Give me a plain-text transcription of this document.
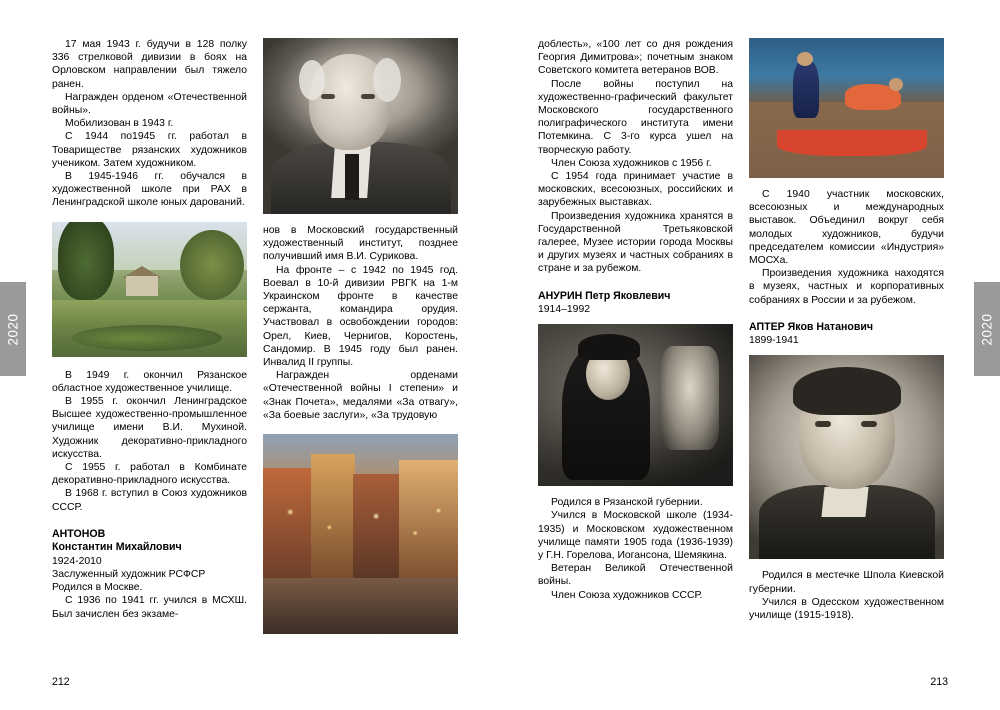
2020

17 мая 1943 г. будучи в 128 полку 336 стрелковой дивизии в боях на Орловском направлении был тяжело ранен.

Награжден орденом «Отечественной войны».

Мобилизован в 1943 г.

С 1944 по1945 гг. работал в Товариществе рязанских художников учеником. Затем художником.

В 1945-1946 гг. обучался в художественной школе при РАХ в Ленинградской школе юных дарований.

В 1949 г. окончил Рязанское областное художественное училище.

В 1955 г. окончил Ленинградское Высшее художественно-промышленное училище имени В.И. Мухиной. Художник декоративно-прикладного искусства.

С 1955 г. работал в Комбинате декоративно-прикладного искусства.

В 1968 г. вступил в Союз художников СССР.

АНТОНОВ

Константин Михайлович

1924-2010

Заслуженный художник РСФСР

Родился в Москве.

С 1936 по 1941 гг. учился в МСХШ. Был зачислен без экзаме-

нов в Московский государственный художественный институт, позднее получивший имя В.И. Сурикова.

На фронте – с 1942 по 1945 год. Воевал в 10-й дивизии РВГК на 1-м Украинском фронте в качестве сержанта, командира орудия. Участвовал в освобождении городов: Орел, Киев, Чернигов, Коростень, Сандомир. В 1945 году был ранен. Инвалид II группы.

Награжден орденами «Отечественной войны I степени» и «Знак Почета», медалями «За отвагу», «За боевые заслуги», «За трудовую

212
2020

доблесть», «100 лет со дня рождения Георгия Димитрова»; почетным знаком Советского комитета ветеранов ВОВ.

После войны поступил на художественно-графический факультет Московского государственного полиграфического института имени Потемкина. С 3-го курса ушел на творческую работу.

Член Союза художников с 1956 г.

С 1954 года принимает участие в московских, всесоюзных, российских и зарубежных выставках.

Произведения художника хранятся в Государственной Третьяковской галерее, Музее истории города Москвы и других музеях и частных собраниях в стране и за рубежом.

АНУРИН Петр Яковлевич

1914–1992

Родился в Рязанской губернии.

Учился в Московской школе (1934-1935) и Московском художественном училище памяти 1905 года (1936-1939) у Г.Н. Горелова, Иогансона, Шемякина.

Ветеран Великой Отечественной войны.

Член Союза художников СССР.

С 1940 участник московских, всесоюзных и международных выставок. Объединил вокруг себя молодых художников, будучи председателем комиссии «Индустрия» МОСХа.

Произведения художника находятся в музеях, частных и корпоративных собраниях в России и за рубежом.

АПТЕР Яков Натанович

1899-1941

Родился в местечке Шпола Киевской губернии.

Учился в Одесском художественном училище (1915-1918).

213
